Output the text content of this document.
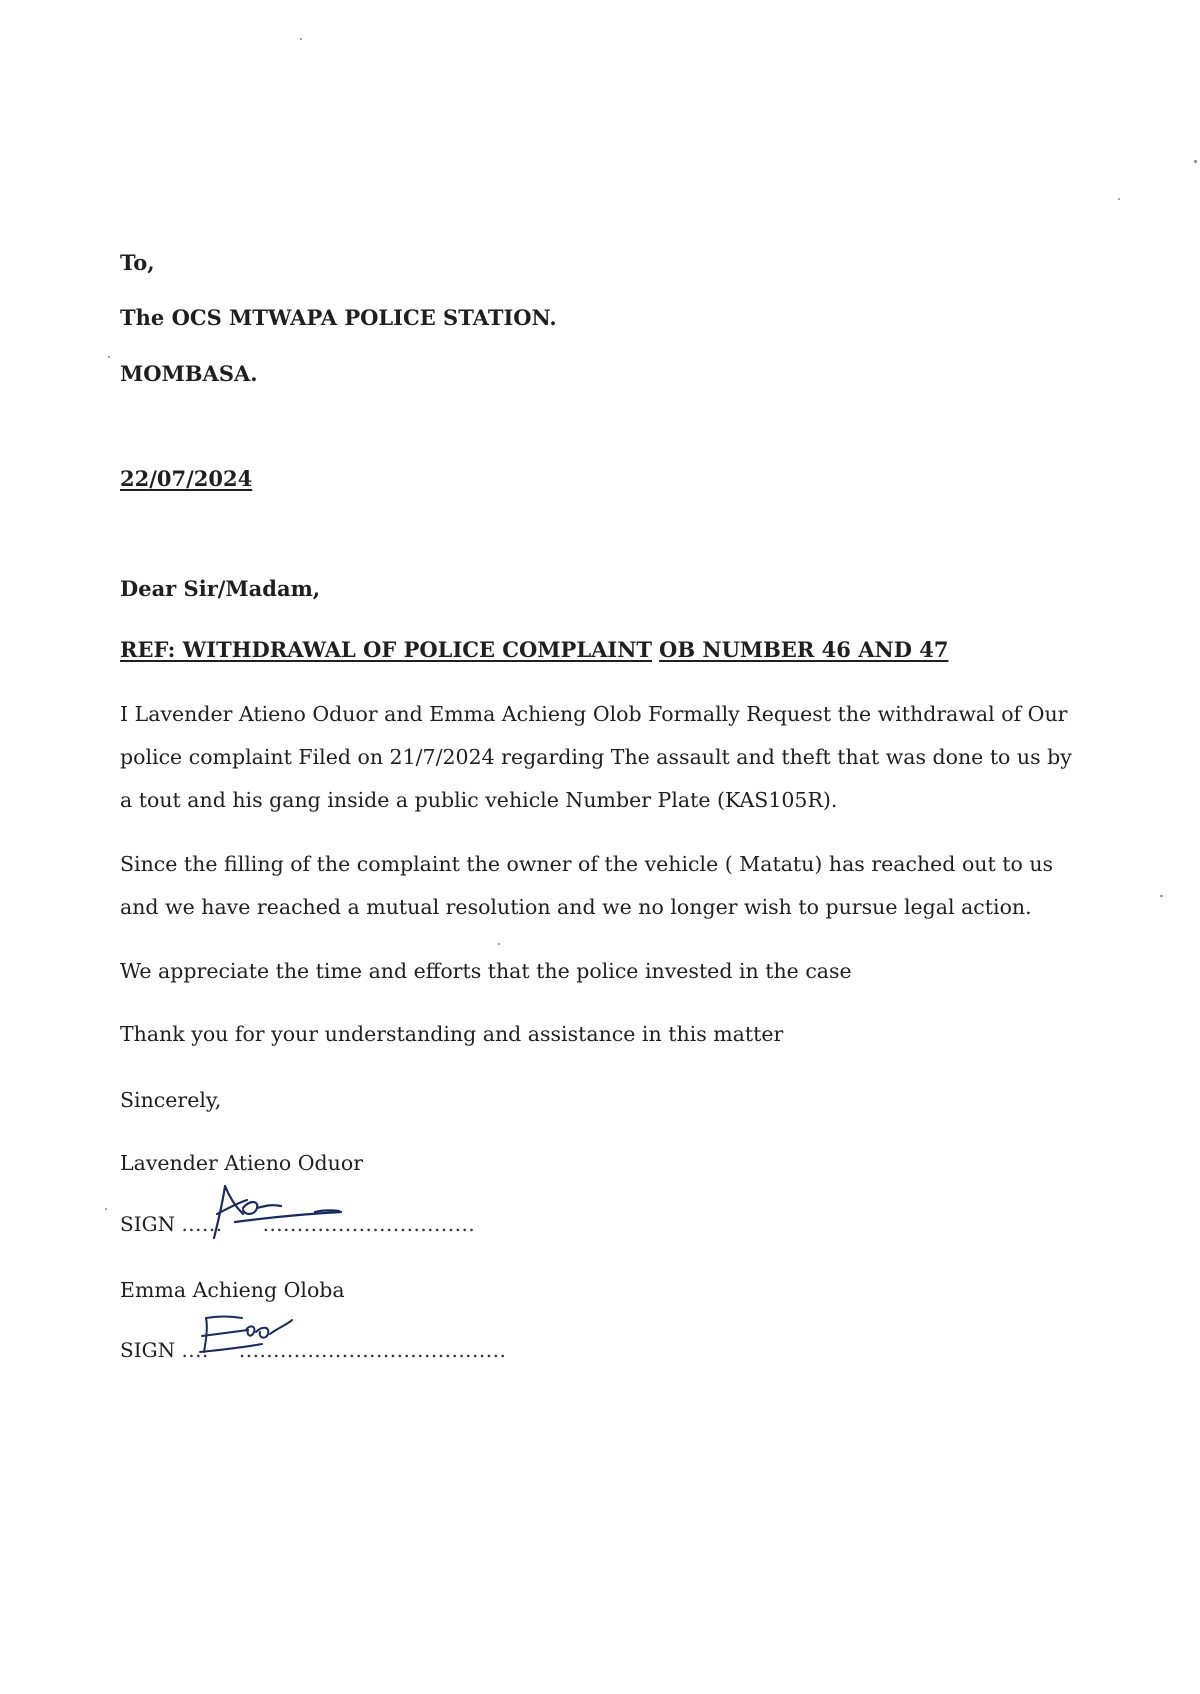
To,
The OCS MTWAPA POLICE STATION.
MOMBASA.
22/07/2024
Dear Sir/Madam,
REF: WITHDRAWAL OF POLICE COMPLAINT OB NUMBER 46 AND 47
I Lavender Atieno Oduor and Emma Achieng Olob Formally Request the withdrawal of Our police complaint Filed on 21/7/2024 regarding The assault and theft that was done to us by a tout and his gang inside a public vehicle Number Plate (KAS105R).
Since the filling of the complaint the owner of the vehicle ( Matatu) has reached out to us and we have reached a mutual resolution and we no longer wish to pursue legal action.
We appreciate the time and efforts that the police invested in the case
Thank you for your understanding and assistance in this matter
Sincerely,
Lavender Atieno Oduor
SIGN ...... ...............................
Emma Achieng Oloba
SIGN .... .......................................
